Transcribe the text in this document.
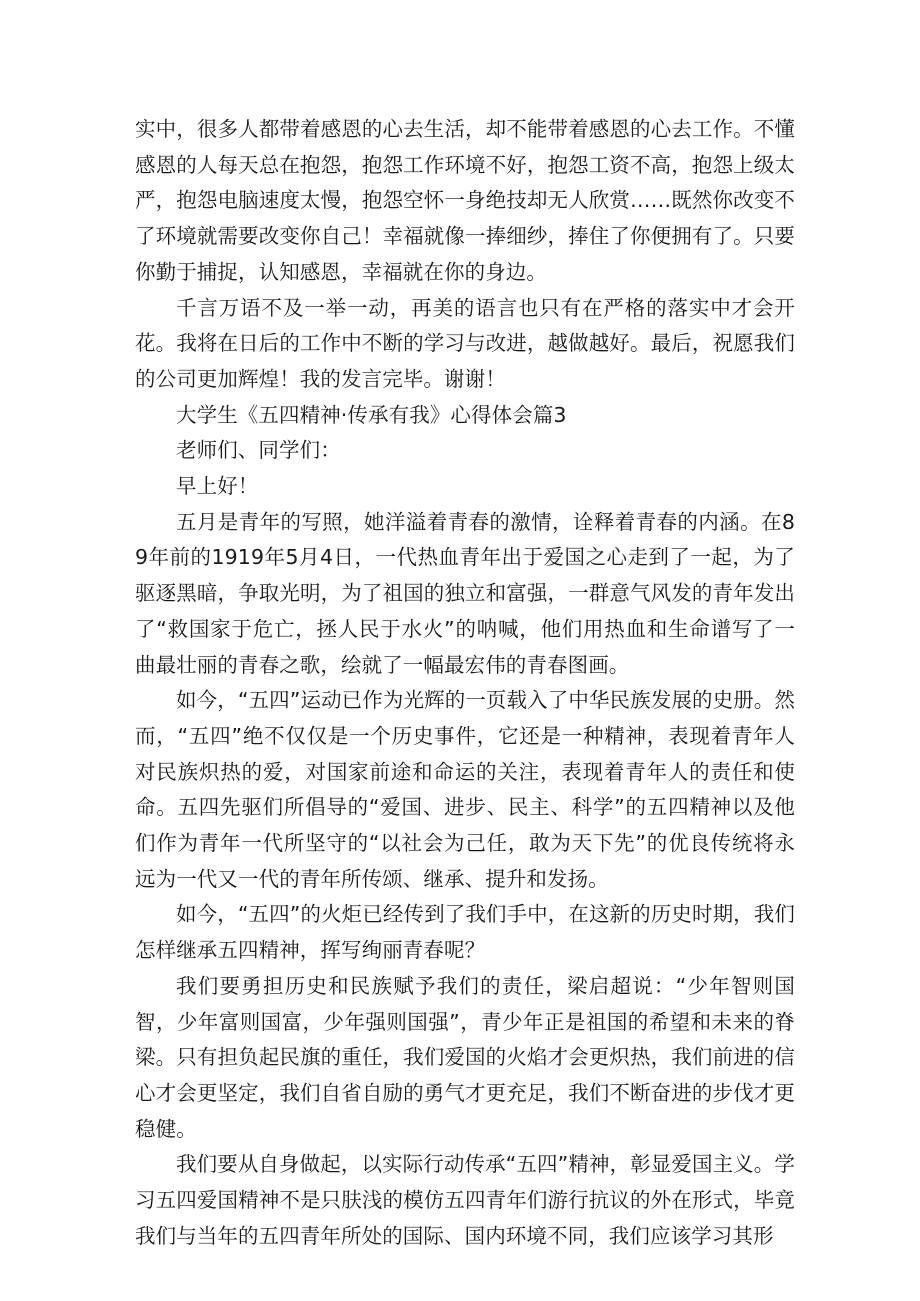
实中，很多人都带着感恩的心去生活，却不能带着感恩的心去工作。不懂感恩的人每天总在抱怨，抱怨工作环境不好，抱怨工资不高，抱怨上级太严，抱怨电脑速度太慢，抱怨空怀一身绝技却无人欣赏……既然你改变不了环境就需要改变你自己！幸福就像一捧细纱，捧住了你便拥有了。只要你勤于捕捉，认知感恩，幸福就在你的身边。

千言万语不及一举一动，再美的语言也只有在严格的落实中才会开花。我将在日后的工作中不断的学习与改进，越做越好。最后，祝愿我们的公司更加辉煌！我的发言完毕。谢谢！

大学生《五四精神·传承有我》心得体会篇3

老师们、同学们：

早上好！

五月是青年的写照，她洋溢着青春的激情，诠释着青春的内涵。在89年前的1919年5月4日，一代热血青年出于爱国之心走到了一起，为了驱逐黑暗，争取光明，为了祖国的独立和富强，一群意气风发的青年发出了“救国家于危亡，拯人民于水火”的呐喊，他们用热血和生命谱写了一曲最壮丽的青春之歌，绘就了一幅最宏伟的青春图画。

如今，“五四”运动已作为光辉的一页载入了中华民族发展的史册。然而，“五四”绝不仅仅是一个历史事件，它还是一种精神，表现着青年人对民族炽热的爱，对国家前途和命运的关注，表现着青年人的责任和使命。五四先驱们所倡导的“爱国、进步、民主、科学”的五四精神以及他们作为青年一代所坚守的“以社会为己任，敢为天下先”的优良传统将永远为一代又一代的青年所传颂、继承、提升和发扬。

如今，“五四”的火炬已经传到了我们手中，在这新的历史时期，我们怎样继承五四精神，挥写绚丽青春呢？

我们要勇担历史和民族赋予我们的责任，梁启超说：“少年智则国智，少年富则国富，少年强则国强”，青少年正是祖国的希望和未来的脊梁。只有担负起民旗的重任，我们爱国的火焰才会更炽热，我们前进的信心才会更坚定，我们自省自励的勇气才更充足，我们不断奋进的步伐才更稳健。

我们要从自身做起，以实际行动传承“五四”精神，彰显爱国主义。学习五四爱国精神不是只肤浅的模仿五四青年们游行抗议的外在形式，毕竟我们与当年的五四青年所处的国际、国内环境不同，我们应该学习其形
